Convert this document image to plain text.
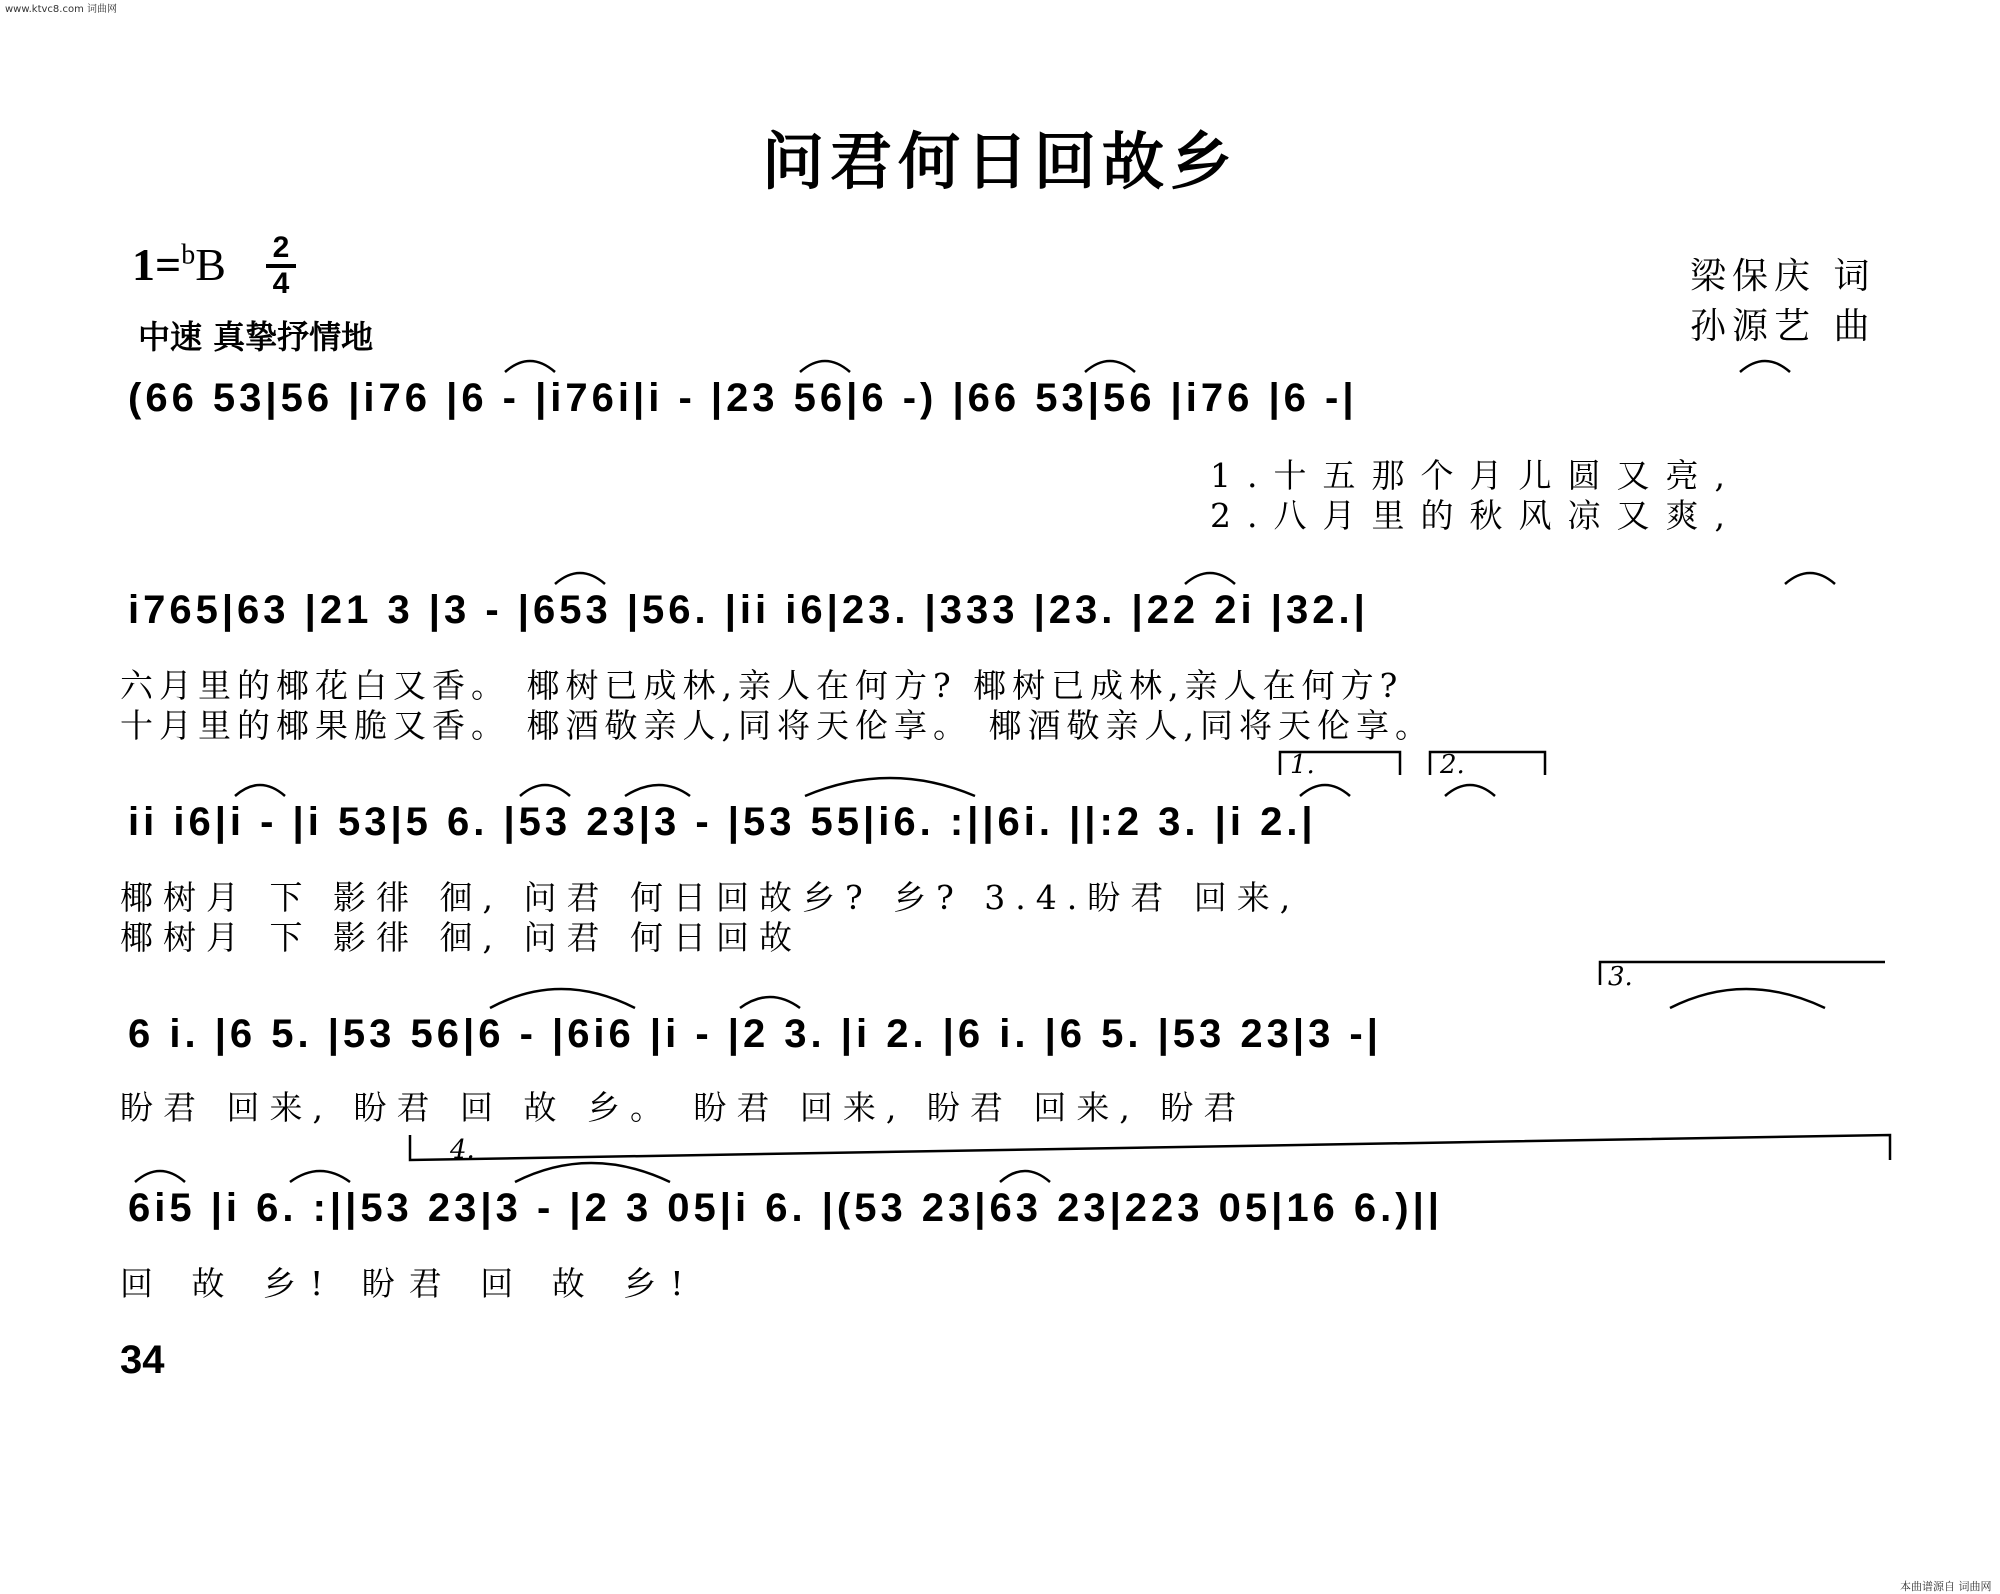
www.ktvc8.com 词曲网
问君何日回故乡
1=$^b$B 2
4
中速 真挚抒情地
梁保庆 词
孙源艺 曲
(66 53|56 |i76 |6 - |i76i|i - |23 56|6 -) |66 53|56 |i76 |6 -|
1.十五那个月儿圆又亮,
2.八月里的秋风凉又爽,
i765|63 |21 3 |3 - |653 |56. |ii i6|23. |333 |23. |22 2i |32.|
六月里的椰花白又香。 椰树已成林,亲人在何方? 椰树已成林,亲人在何方?
十月里的椰果脆又香。 椰酒敬亲人,同将天伦享。 椰酒敬亲人,同将天伦享。
ii i6|i - |i 53|5 6. |53 23|3 - |53 55|i6. :||6i. ||:2 3. |i 2.|
椰树月 下 影徘 徊, 问君 何日回故乡? 乡? 3.4.盼君 回来,
椰树月 下 影徘 徊, 问君 何日回故
6 i. |6 5. |53 56|6 - |6i6 |i - |2 3. |i 2. |6 i. |6 5. |53 23|3 -|
盼君 回来, 盼君 回 故 乡。 盼君 回来, 盼君 回来, 盼君
6i5 |i 6. :||53 23|3 - |2 3 05|i 6. |(53 23|63 23|223 05|16 6.)||
回 故 乡! 盼君 回 故 乡!
1.	2.
3.
4.
34
本曲谱源自 词曲网
